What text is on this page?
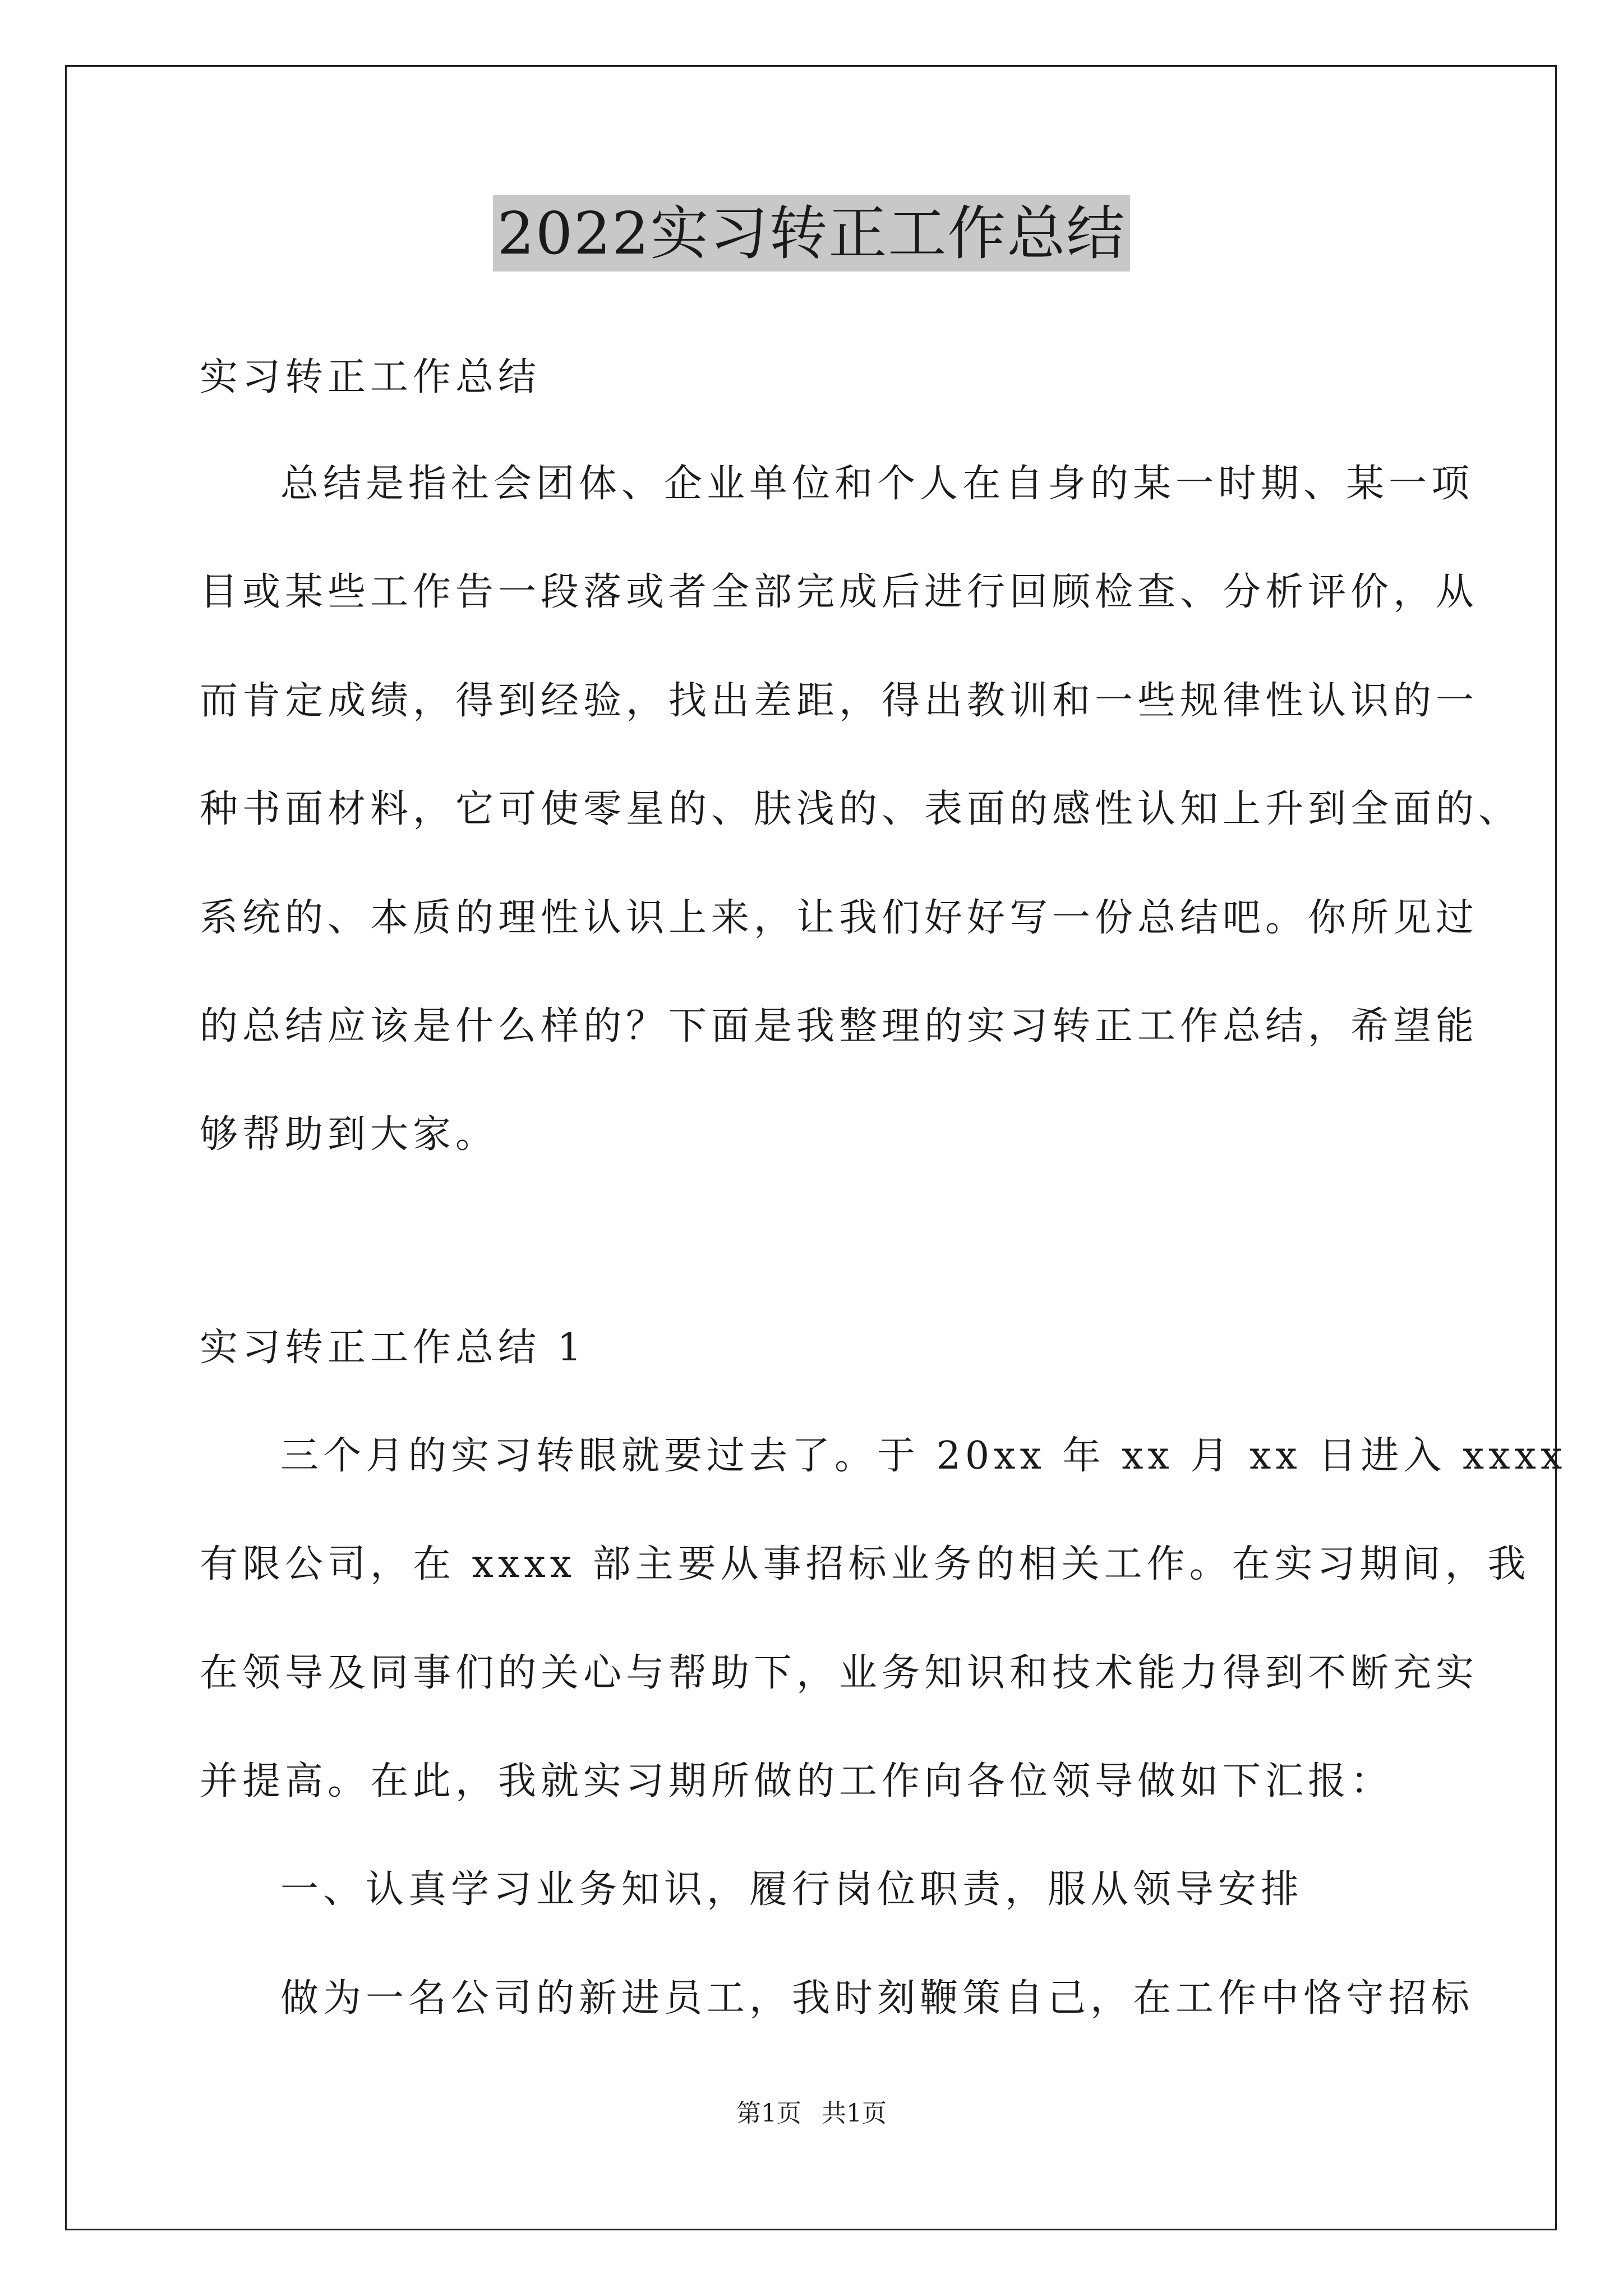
2022实习转正工作总结
实习转正工作总结
总结是指社会团体、企业单位和个人在自身的某一时期、某一项
目或某些工作告一段落或者全部完成后进行回顾检查、分析评价，从
而肯定成绩，得到经验，找出差距，得出教训和一些规律性认识的一
种书面材料，它可使零星的、肤浅的、表面的感性认知上升到全面的、
系统的、本质的理性认识上来，让我们好好写一份总结吧。你所见过
的总结应该是什么样的？下面是我整理的实习转正工作总结，希望能
够帮助到大家。
实习转正工作总结 1
三个月的实习转眼就要过去了。于 20xx 年 xx 月 xx 日进入 xxxx
有限公司，在 xxxx 部主要从事招标业务的相关工作。在实习期间，我
在领导及同事们的关心与帮助下，业务知识和技术能力得到不断充实
并提高。在此，我就实习期所做的工作向各位领导做如下汇报：
一、认真学习业务知识，履行岗位职责，服从领导安排
做为一名公司的新进员工，我时刻鞭策自己，在工作中恪守招标
第1页 共1页
